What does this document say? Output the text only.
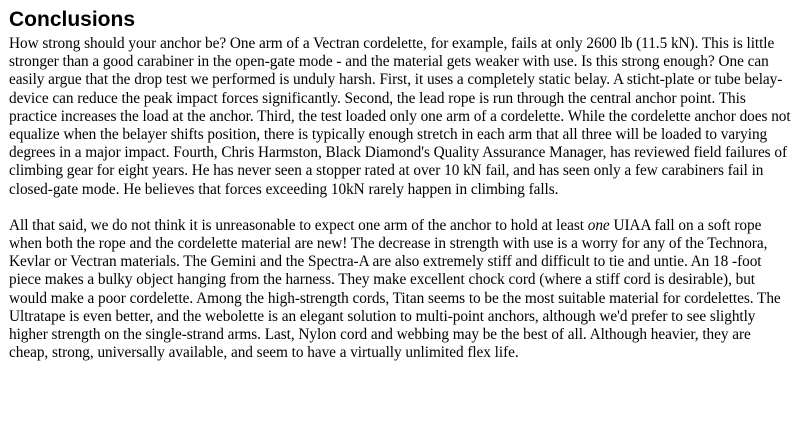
Conclusions

How strong should your anchor be? One arm of a Vectran cordelette, for example, fails at only 2600 lb (11.5 kN). This is little stronger than a good carabiner in the open-gate mode - and the material gets weaker with use. Is this strong enough? One can easily argue that the drop test we performed is unduly harsh. First, it uses a completely static belay. A sticht-plate or tube belay-device can reduce the peak impact forces significantly. Second, the lead rope is run through the central anchor point. This practice increases the load at the anchor. Third, the test loaded only one arm of a cordelette. While the cordelette anchor does not equalize when the belayer shifts position, there is typically enough stretch in each arm that all three will be loaded to varying degrees in a major impact. Fourth, Chris Harmston, Black Diamond's Quality Assurance Manager, has reviewed field failures of climbing gear for eight years. He has never seen a stopper rated at over 10 kN fail, and has seen only a few carabiners fail in closed-gate mode. He believes that forces exceeding 10kN rarely happen in climbing falls.

All that said, we do not think it is unreasonable to expect one arm of the anchor to hold at least one UIAA fall on a soft rope when both the rope and the cordelette material are new! The decrease in strength with use is a worry for any of the Technora, Kevlar or Vectran materials. The Gemini and the Spectra-A are also extremely stiff and difficult to tie and untie. An 18 -foot piece makes a bulky object hanging from the harness. They make excellent chock cord (where a stiff cord is desirable), but would make a poor cordelette. Among the high-strength cords, Titan seems to be the most suitable material for cordelettes. The Ultratape is even better, and the webolette is an elegant solution to multi-point anchors, although we'd prefer to see slightly higher strength on the single-strand arms. Last, Nylon cord and webbing may be the best of all. Although heavier, they are cheap, strong, universally available, and seem to have a virtually unlimited flex life.
